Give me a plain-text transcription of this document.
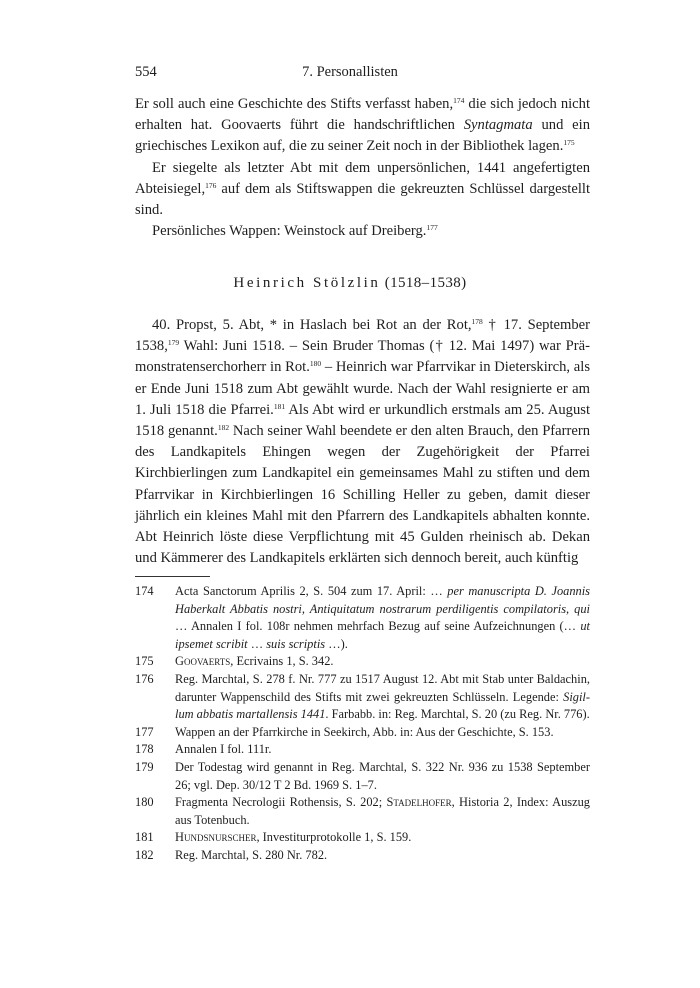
554	7. Personallisten

Er soll auch eine Geschichte des Stifts verfasst haben,$^{174}$ die sich jedoch nicht erhalten hat. Goovaerts führt die handschriftlichen Syntagmata und ein griechisches Lexikon auf, die zu seiner Zeit noch in der Bibliothek lagen.$^{175}$

Er siegelte als letzter Abt mit dem unpersönlichen, 1441 angefertigten Abteisiegel,$^{176}$ auf dem als Stiftswappen die gekreuzten Schlüssel dargestellt sind.

Persönliches Wappen: Weinstock auf Dreiberg.$^{177}$

Heinrich Stölzlin (1518–1538)

40. Propst, 5. Abt, * in Haslach bei Rot an der Rot,$^{178}$ † 17. September 1538,$^{179}$ Wahl: Juni 1518. – Sein Bruder Thomas († 12. Mai 1497) war Prämonstratenserchorherr in Rot.$^{180}$ – Heinrich war Pfarrvikar in Dieterskirch, als er Ende Juni 1518 zum Abt gewählt wurde. Nach der Wahl resignierte er am 1. Juli 1518 die Pfarrei.$^{181}$ Als Abt wird er urkundlich erstmals am 25. August 1518 genannt.$^{182}$ Nach seiner Wahl beendete er den alten Brauch, den Pfarrern des Landkapitels Ehingen wegen der Zugehörigkeit der Pfarrei Kirchbierlingen zum Landkapitel ein gemeinsames Mahl zu stiften und dem Pfarrvikar in Kirchbierlingen 16 Schilling Heller zu geben, damit dieser jährlich ein kleines Mahl mit den Pfarrern des Landkapitels abhalten konnte. Abt Heinrich löste diese Verpflichtung mit 45 Gulden rheinisch ab. Dekan und Kämmerer des Landkapitels erklärten sich dennoch bereit, auch künftig

174	Acta Sanctorum Aprilis 2, S. 504 zum 17. April: … per manuscripta D. Joannis Haberkalt Abbatis nostri, Antiquitatum nostrarum perdiligentis compilatoris, qui … Annalen I fol. 108r nehmen mehrfach Bezug auf seine Aufzeichnungen (… ut ipsemet scribit … suis scriptis …).
175	Goovaerts, Ecrivains 1, S. 342.
176	Reg. Marchtal, S. 278 f. Nr. 777 zu 1517 August 12. Abt mit Stab unter Baldachin, darunter Wappenschild des Stifts mit zwei gekreuzten Schlüsseln. Legende: Sigillum abbatis martallensis 1441. Farbabb. in: Reg. Marchtal, S. 20 (zu Reg. Nr. 776).
177	Wappen an der Pfarrkirche in Seekirch, Abb. in: Aus der Geschichte, S. 153.
178	Annalen I fol. 111r.
179	Der Todestag wird genannt in Reg. Marchtal, S. 322 Nr. 936 zu 1538 September 26; vgl. Dep. 30/12 T 2 Bd. 1969 S. 1–7.
180	Fragmenta Necrologii Rothensis, S. 202; Stadelhofer, Historia 2, Index: Auszug aus Totenbuch.
181	Hundsnurscher, Investiturprotokolle 1, S. 159.
182	Reg. Marchtal, S. 280 Nr. 782.
